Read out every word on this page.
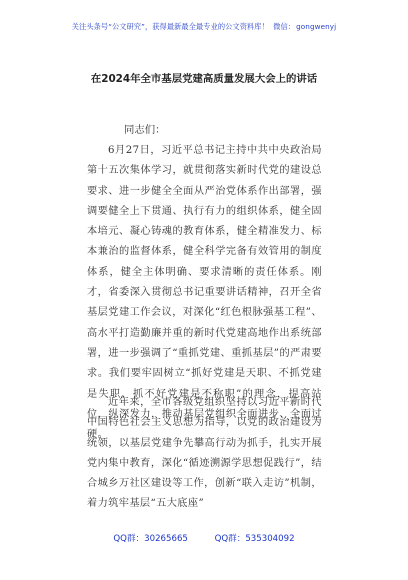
关注头条号“公文研究”，获得最新最全最专业的公文资料库！ 微信：gongwenyj
在2024年全市基层党建高质量发展大会上的讲话
同志们：

6月27日，习近平总书记主持中共中央政治局第十五次集体学习，就贯彻落实新时代党的建设总要求、进一步健全全面从严治党体系作出部署，强调要健全上下贯通、执行有力的组织体系，健全固本培元、凝心铸魂的教育体系，健全精准发力、标本兼治的监督体系，健全科学完备有效管用的制度体系，健全主体明确、要求清晰的责任体系。刚才，省委深入贯彻总书记重要讲话精神，召开全省基层党建工作会议，对深化“红色根脉强基工程”、高水平打造勤廉并重的新时代党建高地作出系统部署，进一步强调了“重抓党建、重抓基层”的严肃要求。我们要牢固树立“抓好党建是天职、不抓党建是失职、抓不好党建是不称职”的理念，提高站位，纵深发力，推动基层党组织全面进步、全面过硬。

近年来，全市各级党组织坚持以习近平新时代中国特色社会主义思想为指导，以党的政治建设为统领，以基层党建争先攀高行动为抓手，扎实开展党内集中教育，深化“循迹溯源学思想促践行”，结合城乡万社区建设等工作，创新“联入走访”机制，着力筑牢基层“五大底座”

QQ群：30265665	QQ群：535304092
